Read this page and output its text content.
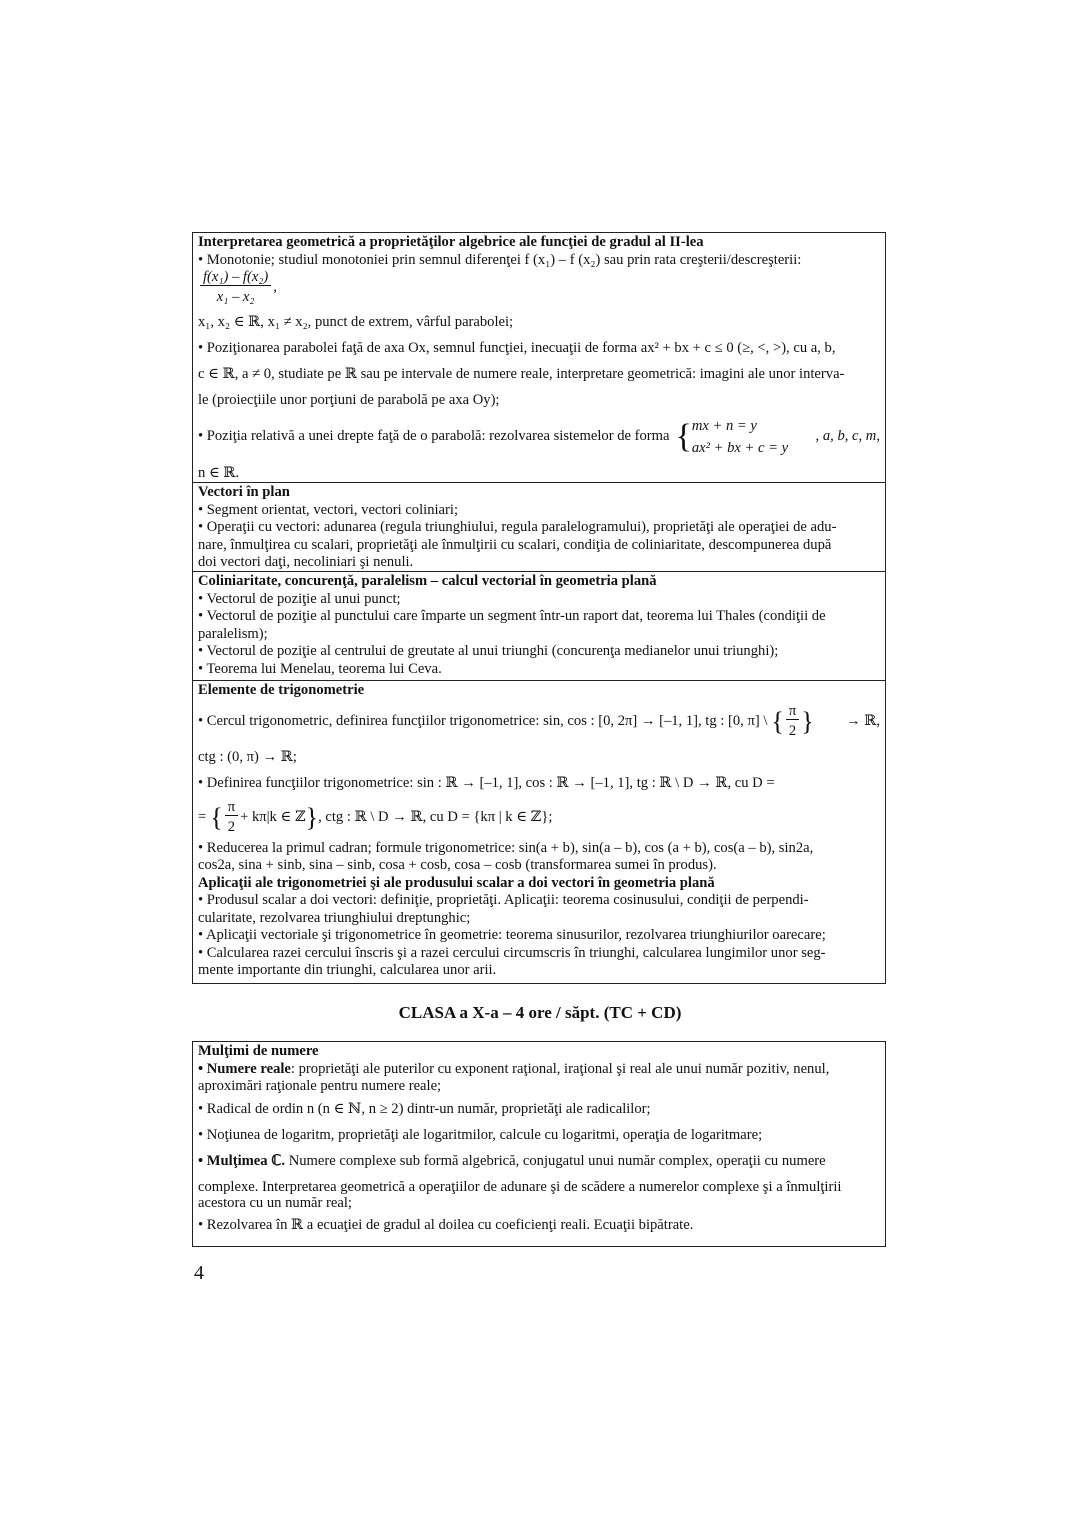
Interpretarea geometrică a proprietăţilor algebrice ale funcţiei de gradul al II-lea
• Monotonie; studiul monotoniei prin semnul diferenţei f (x₁) – f (x₂) sau prin rata creşterii/descreşterii:
$\frac{\text{f(x₁) – f(x₂)}}{\text{x₁ – x₂}}$ ,
x₁, x₂ ∈ ℝ, x₁ ≠ x₂, punct de extrem, vârful parabolei;
• Poziţionarea parabolei faţă de axa Ox, semnul funcţiei, inecuaţii de forma ax² + bx + c ≤ 0 (≥, <, >), cu a, b,
c ∈ ℝ, a ≠ 0, studiate pe ℝ sau pe intervale de numere reale, interpretare geometrică: imagini ale unor interva-
le (proiecţiile unor porţiuni de parabolă pe axa Oy);
• Poziţia relativă a unei drepte faţă de o parabolă: rezolvarea sistemelor de forma { mx + n = y
ax² + bx + c = y
, a, b, c, m,
n ∈ ℝ.
Vectori în plan
• Segment orientat, vectori, vectori coliniari;
• Operaţii cu vectori: adunarea (regula triunghiului, regula paralelogramului), proprietăţi ale operaţiei de adu-
nare, înmulţirea cu scalari, proprietăţi ale înmulţirii cu scalari, condiţia de coliniaritate, descompunerea după
doi vectori daţi, necoliniari şi nenuli.
Coliniaritate, concurenţă, paralelism – calcul vectorial în geometria plană
• Vectorul de poziţie al unui punct;
• Vectorul de poziţie al punctului care împarte un segment într-un raport dat, teorema lui Thales (condiţii de
paralelism);
• Vectorul de poziţie al centrului de greutate al unui triunghi (concurenţa medianelor unui triunghi);
• Teorema lui Menelau, teorema lui Ceva.
Elemente de trigonometrie
• Cercul trigonometric, definirea funcţiilor trigonometrice: sin, cos : [0, 2π] → [–1, 1], tg : [0, π] \ { $\frac{\pi}{2}$ } → ℝ,
ctg : (0, π) → ℝ;
• Definirea funcţiilor trigonometrice: sin : ℝ → [–1, 1], cos : ℝ → [–1, 1], tg : ℝ \ D → ℝ, cu D =
= { $\frac{\pi}{2} + k\pi|k$ ∈ ℤ } , ctg : ℝ \ D → ℝ, cu D = {kπ | k ∈ ℤ};
• Reducerea la primul cadran; formule trigonometrice: sin(a + b), sin(a – b), cos (a + b), cos(a – b), sin2a,
cos2a, sina + sinb, sina – sinb, cosa + cosb, cosa – cosb (transformarea sumei în produs).
Aplicaţii ale trigonometriei şi ale produsului scalar a doi vectori în geometria plană
• Produsul scalar a doi vectori: definiţie, proprietăţi. Aplicaţii: teorema cosinusului, condiţii de perpendi-
cularitate, rezolvarea triunghiului dreptunghic;
• Aplicaţii vectoriale şi trigonometrice în geometrie: teorema sinusurilor, rezolvarea triunghiurilor oarecare;
• Calcularea razei cercului înscris şi a razei cercului circumscris în triunghi, calcularea lungimilor unor seg-
mente importante din triunghi, calcularea unor arii.
CLASA a X-a – 4 ore / săpt. (TC + CD)
Mulţimi de numere
• Numere reale: proprietăţi ale puterilor cu exponent raţional, iraţional şi real ale unui număr pozitiv, nenul,
aproximări raţionale pentru numere reale;
• Radical de ordin n (n ∈ ℕ, n ≥ 2) dintr-un număr, proprietăţi ale radicalilor;
• Noţiunea de logaritm, proprietăţi ale logaritmilor, calcule cu logaritmi, operaţia de logaritmare;
• Mulţimea ℂ. Numere complexe sub formă algebrică, conjugatul unui număr complex, operaţii cu numere
complexe. Interpretarea geometrică a operaţiilor de adunare şi de scădere a numerelor complexe şi a înmulţirii
acestora cu un număr real;
• Rezolvarea în ℝ a ecuaţiei de gradul al doilea cu coeficienţi reali. Ecuaţii bipătrate.
4
